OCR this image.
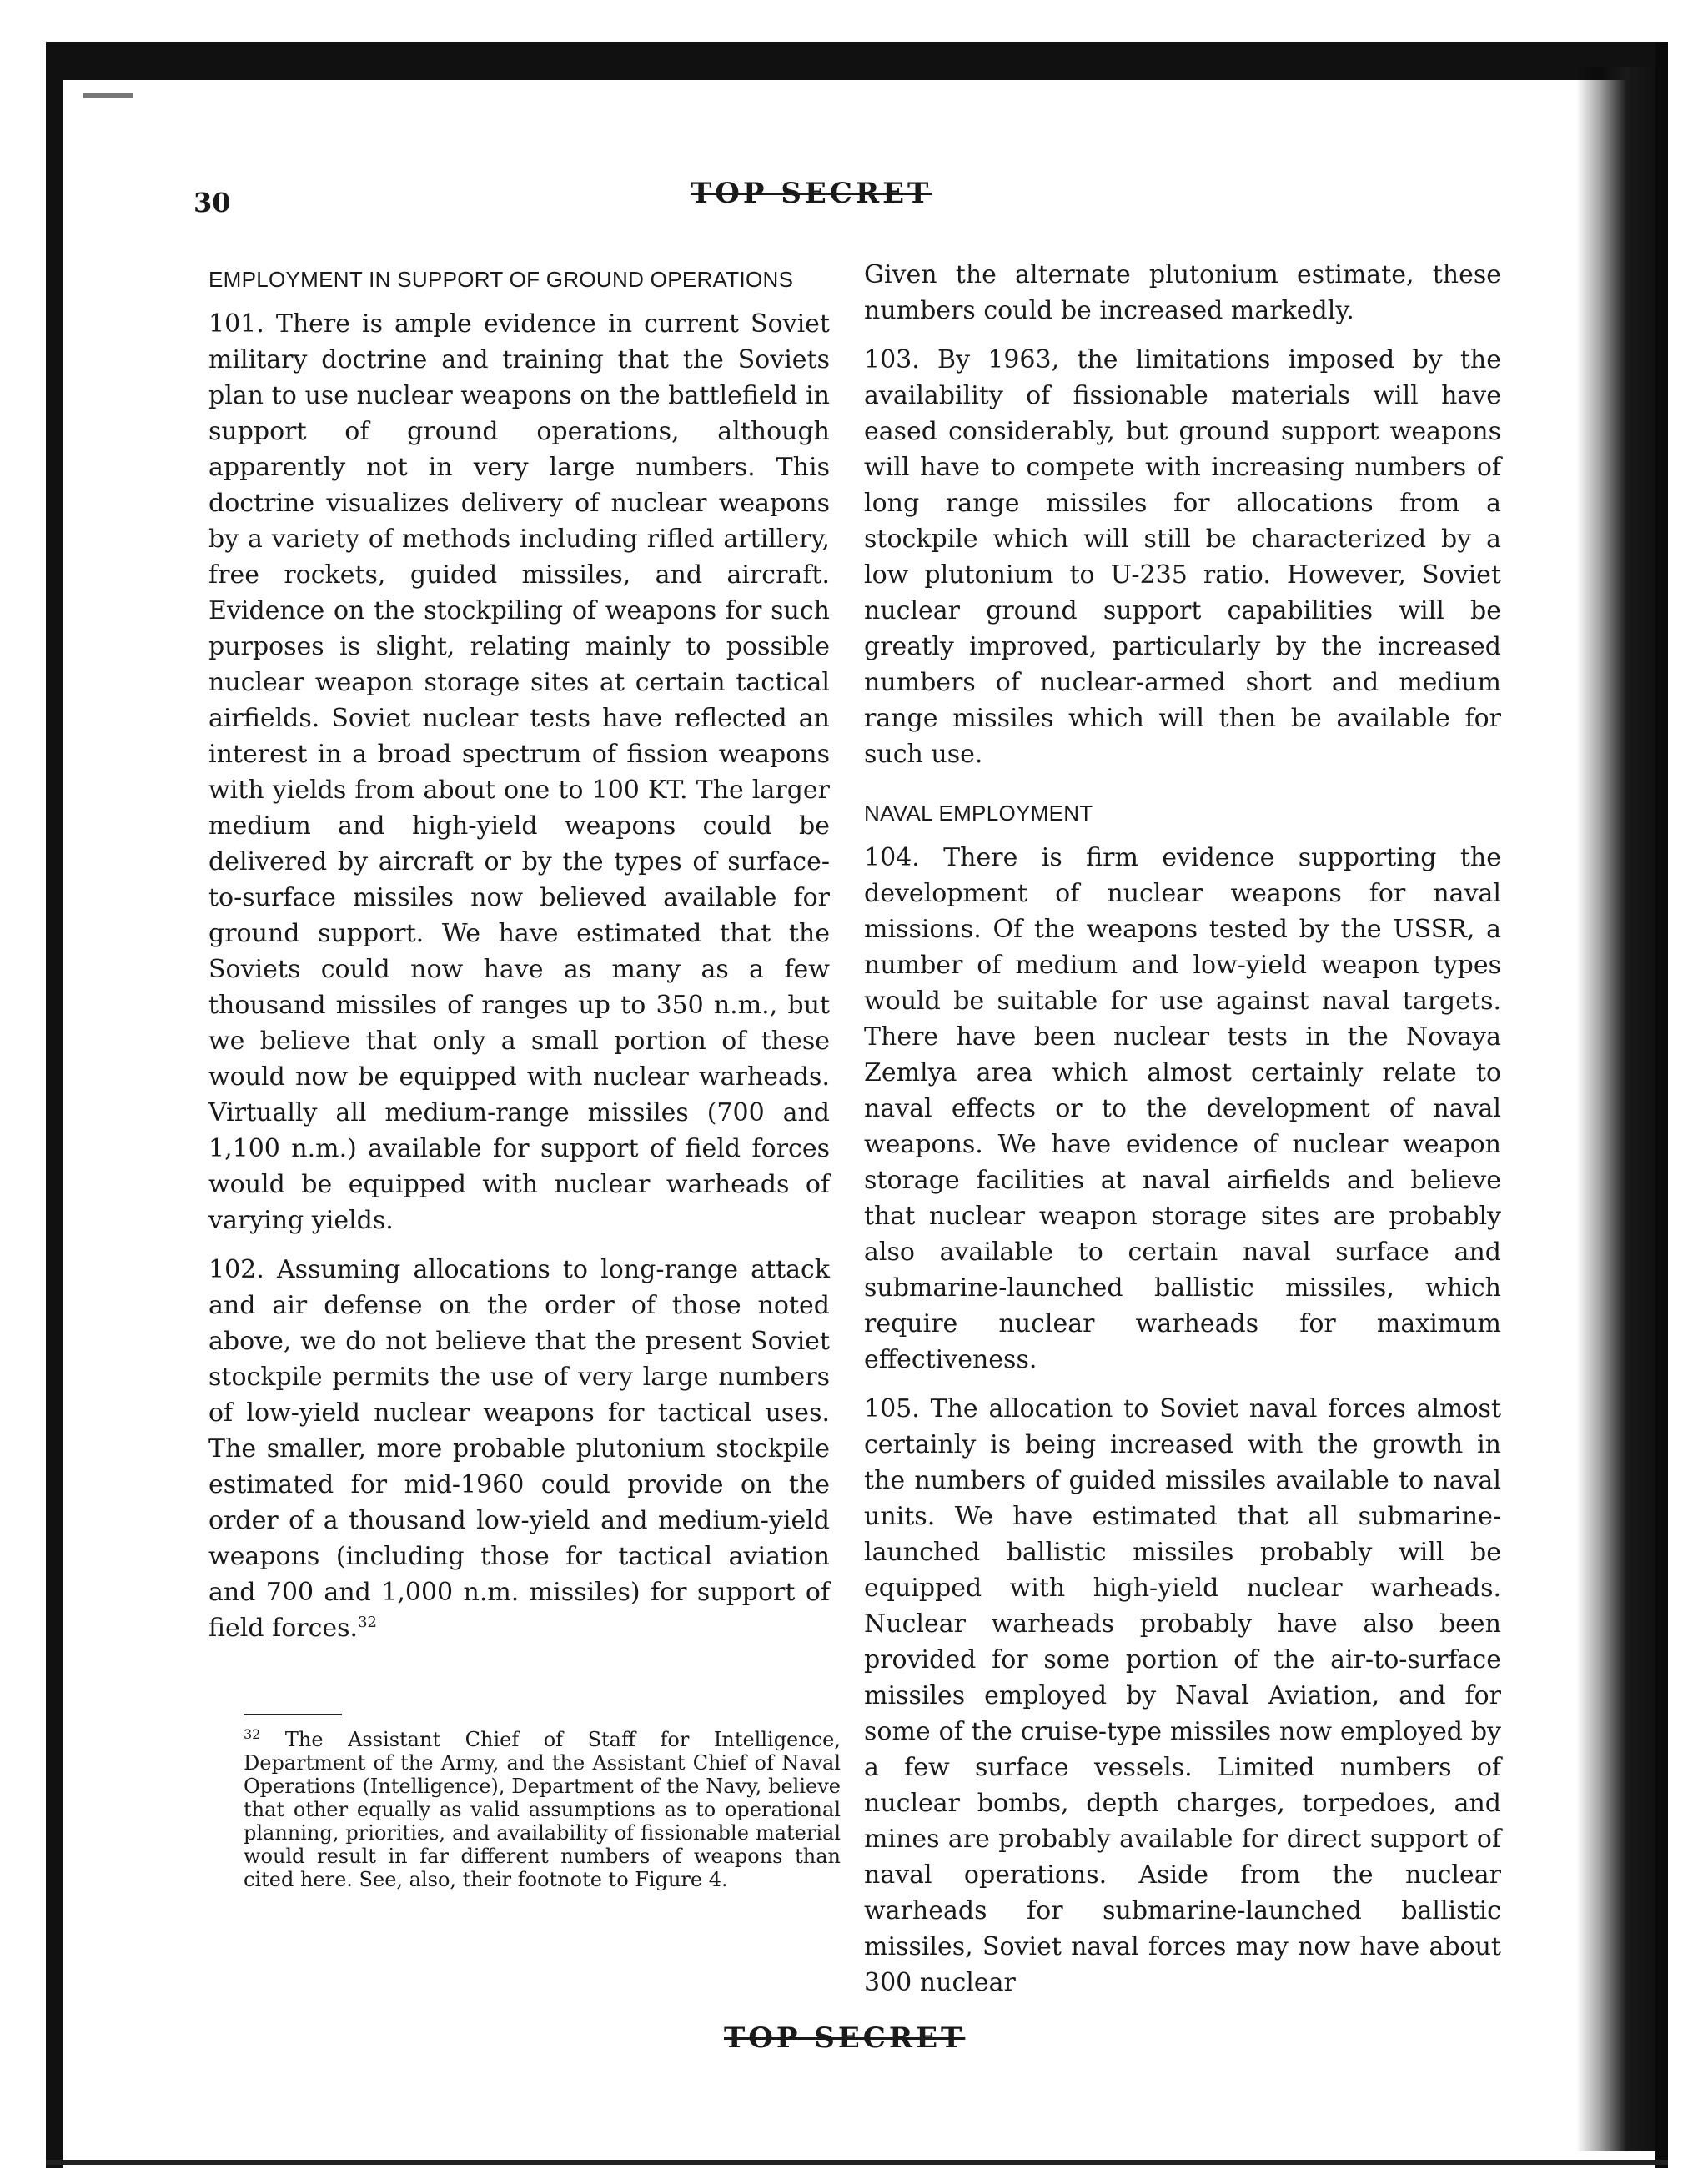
30	TOP SECRET
EMPLOYMENT IN SUPPORT OF GROUND OPERATIONS

101. There is ample evidence in current Soviet military doctrine and training that the Soviets plan to use nuclear weapons on the battlefield in support of ground operations, although apparently not in very large numbers. This doctrine visualizes delivery of nuclear weapons by a variety of methods including rifled artillery, free rockets, guided missiles, and aircraft. Evidence on the stockpiling of weapons for such purposes is slight, relating mainly to possible nuclear weapon storage sites at certain tactical airfields. Soviet nuclear tests have reflected an interest in a broad spectrum of fission weapons with yields from about one to 100 KT. The larger medium and high-yield weapons could be delivered by aircraft or by the types of surface-to-surface missiles now believed available for ground support. We have estimated that the Soviets could now have as many as a few thousand missiles of ranges up to 350 n.m., but we believe that only a small portion of these would now be equipped with nuclear warheads. Virtually all medium-range missiles (700 and 1,100 n.m.) available for support of field forces would be equipped with nuclear warheads of varying yields.

102. Assuming allocations to long-range attack and air defense on the order of those noted above, we do not believe that the present Soviet stockpile permits the use of very large numbers of low-yield nuclear weapons for tactical uses. The smaller, more probable plutonium stockpile estimated for mid-1960 could provide on the order of a thousand low-yield and medium-yield weapons (including those for tactical aviation and 700 and 1,000 n.m. missiles) for support of field forces.$^{32}$

$^{32}$ The Assistant Chief of Staff for Intelligence, Department of the Army, and the Assistant Chief of Naval Operations (Intelligence), Department of the Navy, believe that other equally as valid assumptions as to operational planning, priorities, and availability of fissionable material would result in far different numbers of weapons than cited here. See, also, their footnote to Figure 4.

Given the alternate plutonium estimate, these numbers could be increased markedly.

103. By 1963, the limitations imposed by the availability of fissionable materials will have eased considerably, but ground support weapons will have to compete with increasing numbers of long range missiles for allocations from a stockpile which will still be characterized by a low plutonium to U-235 ratio. However, Soviet nuclear ground support capabilities will be greatly improved, particularly by the increased numbers of nuclear-armed short and medium range missiles which will then be available for such use.

NAVAL EMPLOYMENT

104. There is firm evidence supporting the development of nuclear weapons for naval missions. Of the weapons tested by the USSR, a number of medium and low-yield weapon types would be suitable for use against naval targets. There have been nuclear tests in the Novaya Zemlya area which almost certainly relate to naval effects or to the development of naval weapons. We have evidence of nuclear weapon storage facilities at naval airfields and believe that nuclear weapon storage sites are probably also available to certain naval surface and submarine-launched ballistic missiles, which require nuclear warheads for maximum effectiveness.

105. The allocation to Soviet naval forces almost certainly is being increased with the growth in the numbers of guided missiles available to naval units. We have estimated that all submarine-launched ballistic missiles probably will be equipped with high-yield nuclear warheads. Nuclear warheads probably have also been provided for some portion of the air-to-surface missiles employed by Naval Aviation, and for some of the cruise-type missiles now employed by a few surface vessels. Limited numbers of nuclear bombs, depth charges, torpedoes, and mines are probably available for direct support of naval operations. Aside from the nuclear warheads for submarine-launched ballistic missiles, Soviet naval forces may now have about 300 nuclear

TOP SECRET
